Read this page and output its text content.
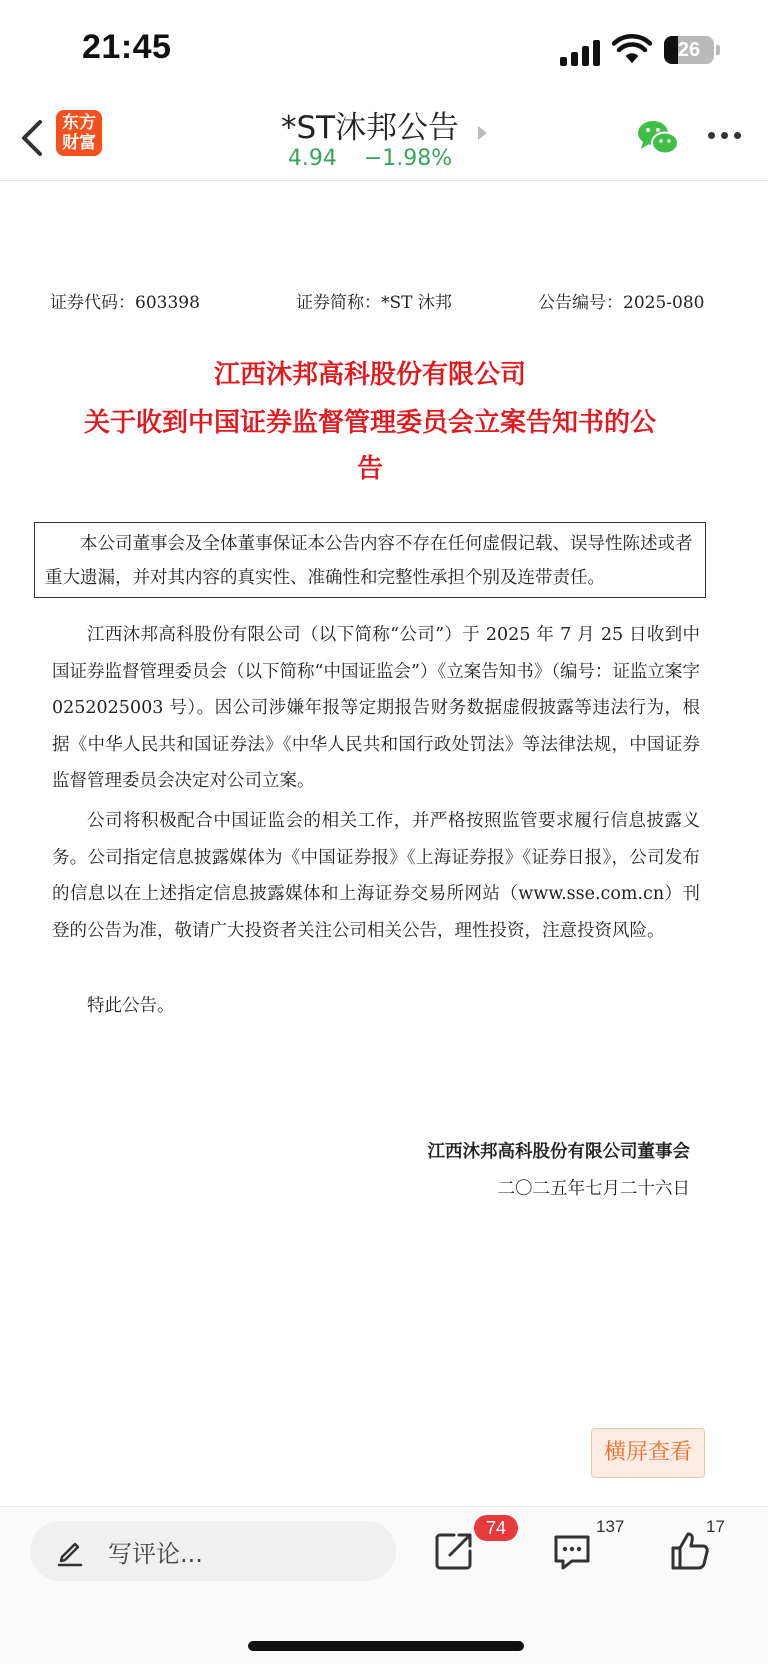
21:45	26
东方
财富	*ST沐邦公告
4.94 −1.98%
证券代码：603398	证券简称：*ST 沐邦	公告编号：2025-080
江西沐邦高科股份有限公司
关于收到中国证券监督管理委员会立案告知书的公
告
本公司董事会及全体董事保证本公告内容不存在任何虚假记载、误导性陈述或者重大遗漏，并对其内容的真实性、准确性和完整性承担个别及连带责任。

江西沐邦高科股份有限公司（以下简称“公司”）于 2025 年 7 月 25 日收到中国证券监督管理委员会（以下简称“中国证监会”）《立案告知书》（编号：证监立案字 0252025003 号）。因公司涉嫌年报等定期报告财务数据虚假披露等违法行为，根据《中华人民共和国证券法》《中华人民共和国行政处罚法》等法律法规，中国证券监督管理委员会决定对公司立案。

公司将积极配合中国证监会的相关工作，并严格按照监管要求履行信息披露义务。公司指定信息披露媒体为《中国证券报》《上海证券报》《证券日报》，公司发布的信息以在上述指定信息披露媒体和上海证券交易所网站（www.sse.com.cn）刊登的公告为准，敬请广大投资者关注公司相关公告，理性投资，注意投资风险。

特此公告。

江西沐邦高科股份有限公司董事会
二〇二五年七月二十六日
横屏查看
写评论...
74	137	17
